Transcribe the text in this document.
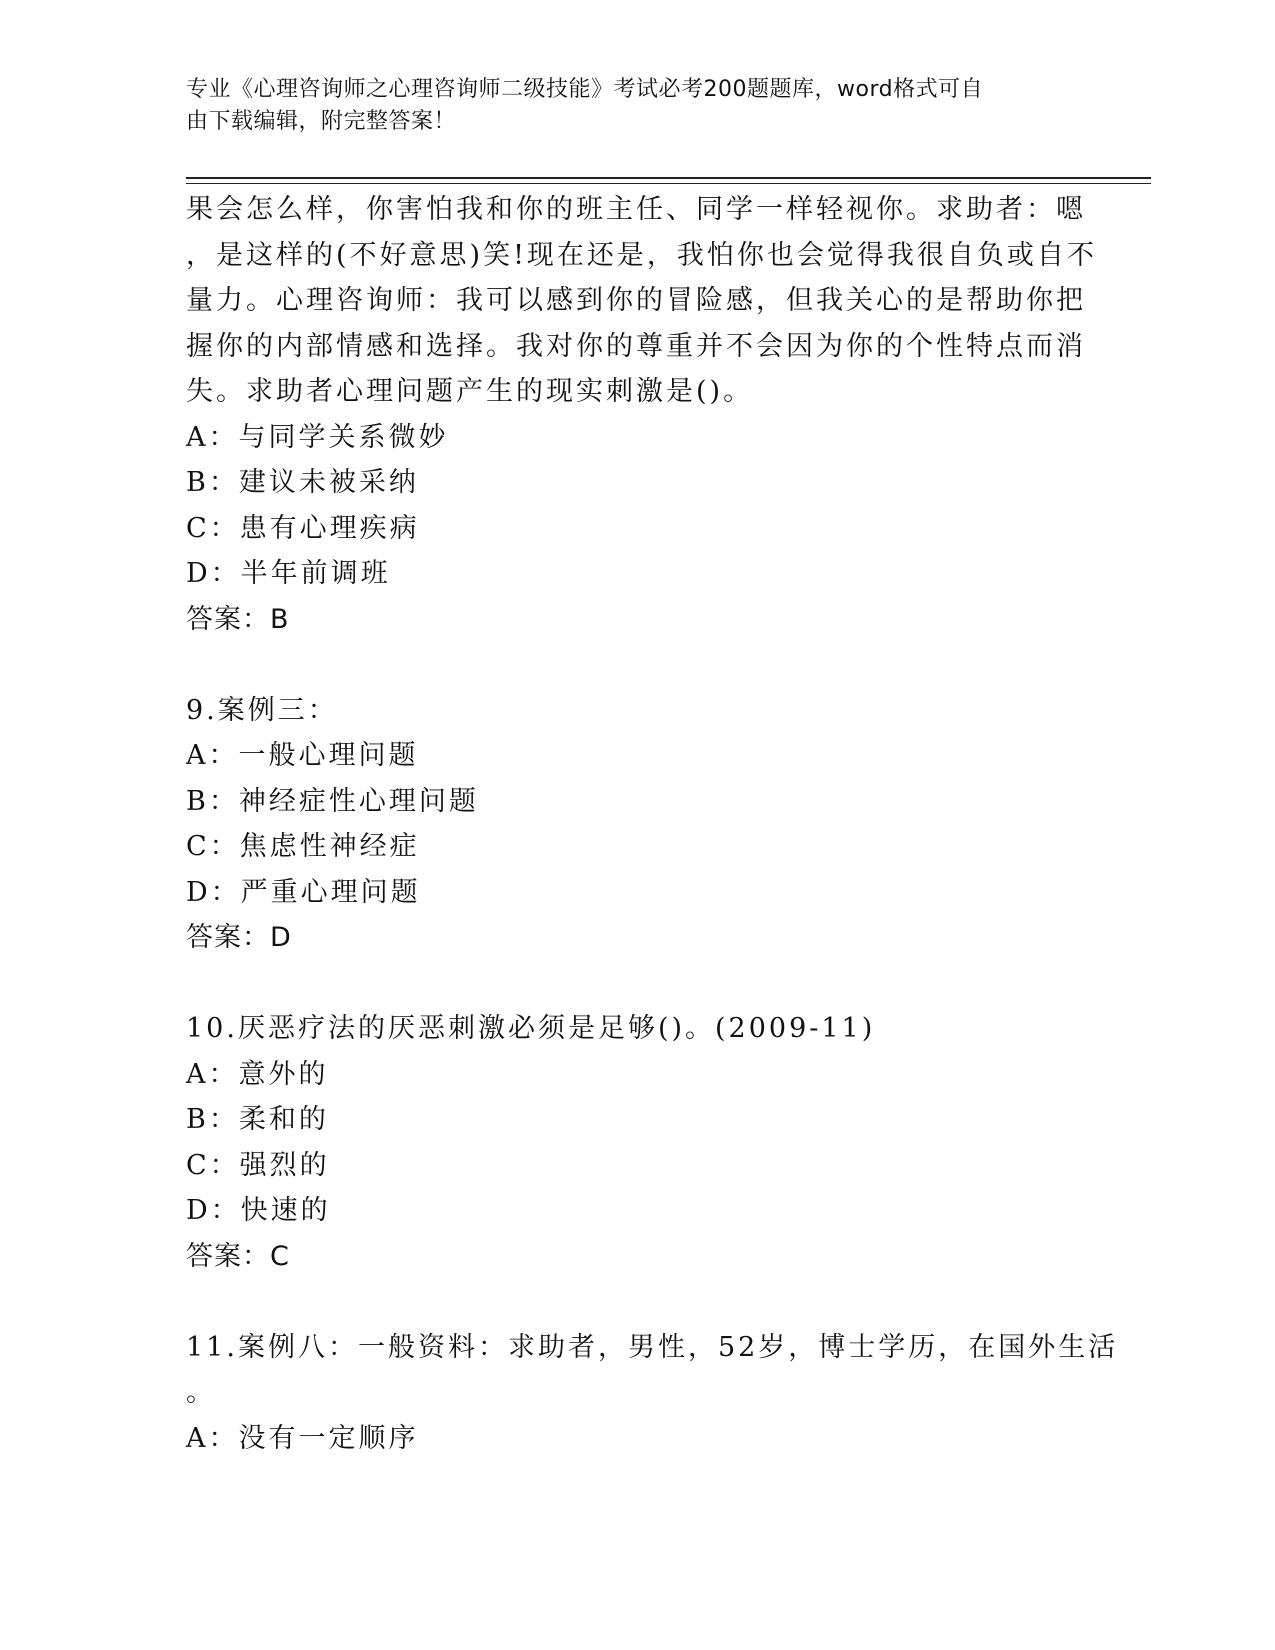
专业《心理咨询师之心理咨询师二级技能》考试必考200题题库，word格式可自
由下载编辑，附完整答案！
果会怎么样，你害怕我和你的班主任、同学一样轻视你。求助者：嗯
，是这样的(不好意思)笑!现在还是，我怕你也会觉得我很自负或自不
量力。心理咨询师：我可以感到你的冒险感，但我关心的是帮助你把
握你的内部情感和选择。我对你的尊重并不会因为你的个性特点而消
失。求助者心理问题产生的现实刺激是()。
A：与同学关系微妙
B：建议未被采纳
C：患有心理疾病
D：半年前调班
答案：B
9.案例三：
A：一般心理问题
B：神经症性心理问题
C：焦虑性神经症
D：严重心理问题
答案：D
10.厌恶疗法的厌恶刺激必须是足够()。(2009-11)
A：意外的
B：柔和的
C：强烈的
D：快速的
答案：C
11.案例八：一般资料：求助者，男性，52岁，博士学历，在国外生活
。
A：没有一定顺序
